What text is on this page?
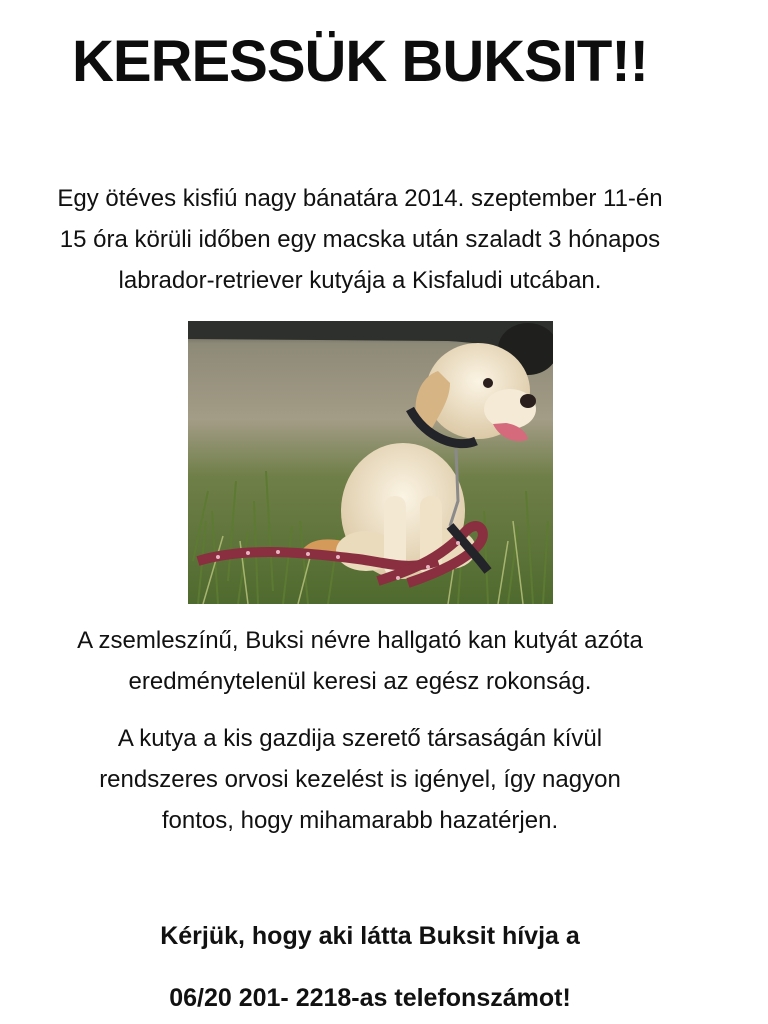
KERESSÜK BUKSIT!!
Egy ötéves kisfiú nagy bánatára 2014. szeptember 11-én
15 óra körüli időben egy macska után szaladt 3 hónapos
labrador-retriever kutyája a Kisfaludi utcában.
A zsemleszínű, Buksi névre hallgató kan kutyát azóta
eredménytelenül keresi az egész rokonság.
A kutya a kis gazdija szerető társaságán kívül
rendszeres orvosi kezelést is igényel, így nagyon
fontos, hogy mihamarabb hazatérjen.
Kérjük, hogy aki látta Buksit hívja a
06/20 201- 2218-as telefonszámot!
